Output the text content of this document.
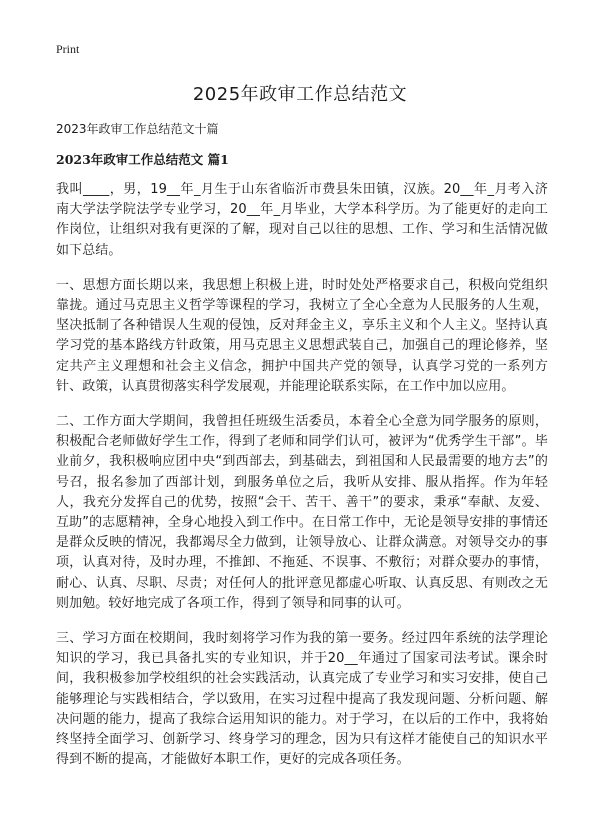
Print
2025年政审工作总结范文
2023年政审工作总结范文十篇
2023年政审工作总结范文 篇1

我叫____，男，19__年_月生于山东省临沂市费县朱田镇，汉族。20__年_月考入济南大学法学院法学专业学习，20__年_月毕业，大学本科学历。为了能更好的走向工作岗位，让组织对我有更深的了解，现对自己以往的思想、工作、学习和生活情况做如下总结。

一、思想方面长期以来，我思想上积极上进，时时处处严格要求自己，积极向党组织靠拢。通过马克思主义哲学等课程的学习，我树立了全心全意为人民服务的人生观，坚决抵制了各种错误人生观的侵蚀，反对拜金主义，享乐主义和个人主义。坚持认真学习党的基本路线方针政策，用马克思主义思想武装自己，加强自己的理论修养，坚定共产主义理想和社会主义信念，拥护中国共产党的领导，认真学习党的一系列方针、政策，认真贯彻落实科学发展观，并能理论联系实际，在工作中加以应用。

二、工作方面大学期间，我曾担任班级生活委员，本着全心全意为同学服务的原则，积极配合老师做好学生工作，得到了老师和同学们认可，被评为“优秀学生干部”。毕业前夕，我积极响应团中央“到西部去，到基础去，到祖国和人民最需要的地方去”的号召，报名参加了西部计划，到服务单位之后，我听从安排、服从指挥。作为年轻人，我充分发挥自己的优势，按照“会干、苦干、善干”的要求，秉承“奉献、友爱、互助”的志愿精神，全身心地投入到工作中。在日常工作中，无论是领导安排的事情还是群众反映的情况，我都竭尽全力做到，让领导放心、让群众满意。对领导交办的事项，认真对待，及时办理，不推卸、不拖延、不误事、不敷衍；对群众要办的事情，耐心、认真、尽职、尽责；对任何人的批评意见都虚心听取、认真反思、有则改之无则加勉。较好地完成了各项工作，得到了领导和同事的认可。

三、学习方面在校期间，我时刻将学习作为我的第一要务。经过四年系统的法学理论知识的学习，我已具备扎实的专业知识，并于20__年通过了国家司法考试。课余时间，我积极参加学校组织的社会实践活动，认真完成了专业学习和实习安排，使自己能够理论与实践相结合，学以致用，在实习过程中提高了我发现问题、分析问题、解决问题的能力，提高了我综合运用知识的能力。对于学习，在以后的工作中，我将始终坚持全面学习、创新学习、终身学习的理念，因为只有这样才能使自己的知识水平得到不断的提高，才能做好本职工作，更好的完成各项任务。
